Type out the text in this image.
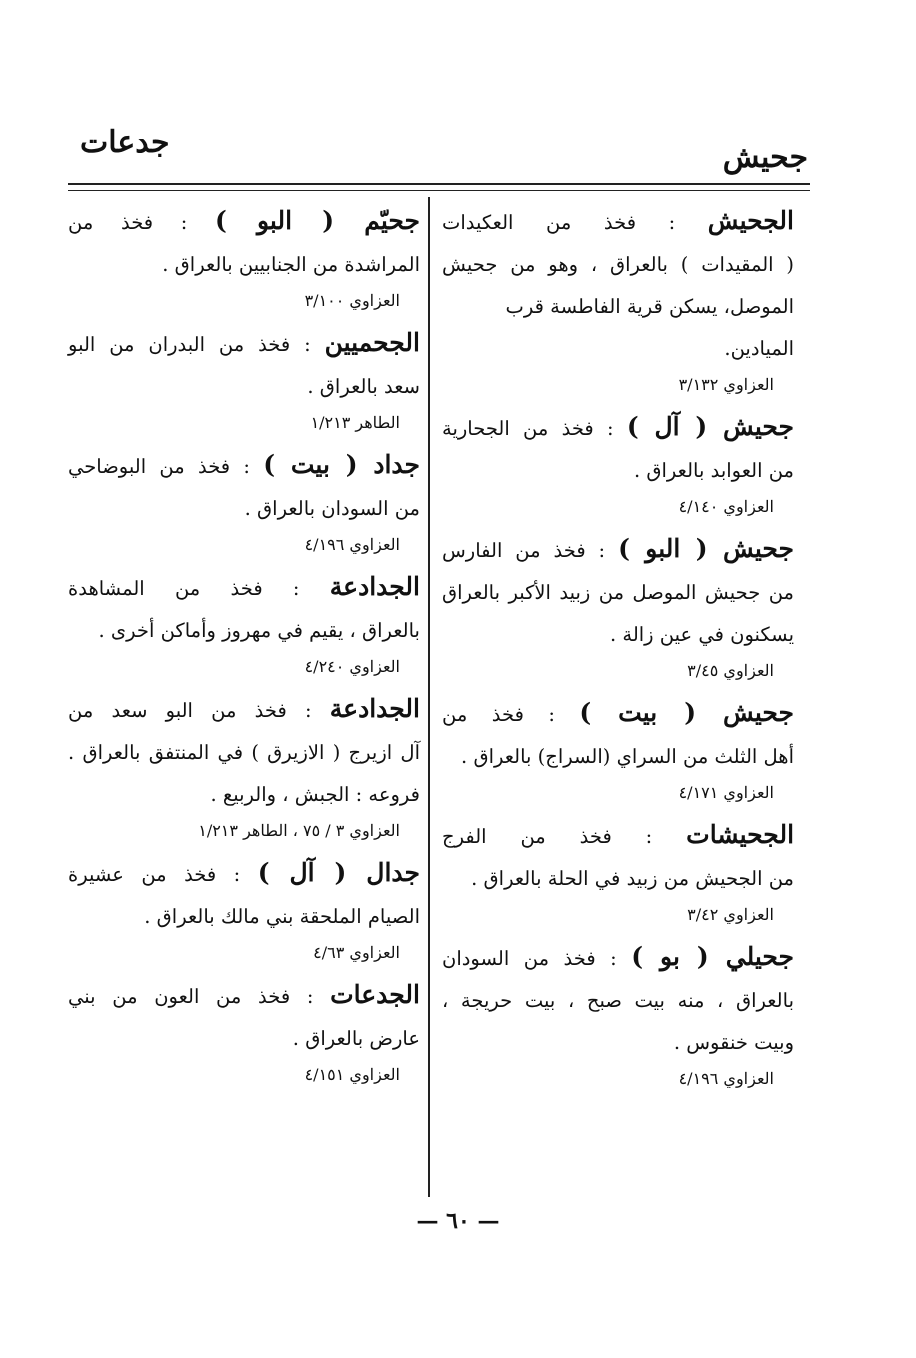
جدعات	جحيش

الجحيش : فخذ من العكيدات

( المقيدات ) بالعراق ، وهو من جحيش

الموصل، يسكن قرية الفاطسة قرب الميادين.

العزاوي ٣/١٣٢

جحيش ( آل ) : فخذ من الجحارية

من العوابد بالعراق .

العزاوي ٤/١٤٠

جحيش ( البو ) : فخذ من الفارس

من جحيش الموصل من زبيد الأكبر بالعراق

يسكنون في عين زالة .

العزاوي ٣/٤٥

جحيش ( بيت ) : فخذ من

أهل الثلث من السراي (السراج) بالعراق .

العزاوي ٤/١٧١

الجحيشات : فخذ من الفرج

من الجحيش من زبيد في الحلة بالعراق .

العزاوي ٣/٤٢

جحيلي ( بو ) : فخذ من السودان

بالعراق ، منه بيت صبح ، بيت حريجة ،

وبيت خنقوس .

العزاوي ٤/١٩٦

جحيّم ( البو ) : فخذ من

المراشدة من الجنابيين بالعراق .

العزاوي ٣/١٠٠

الجحميين : فخذ من البدران من البو

سعد بالعراق .

الطاهر ١/٢١٣

جداد ( بيت ) : فخذ من البوضاحي

من السودان بالعراق .

العزاوي ٤/١٩٦

الجدادعة : فخذ من المشاهدة

بالعراق ، يقيم في مهروز وأماكن أخرى .

العزاوي ٤/٢٤٠

الجدادعة : فخذ من البو سعد من

آل ازيرج ( الازيرق ) في المنتفق بالعراق .

فروعه : الجبش ، والربيع .

العزاوي ٣ / ٧٥ ، الطاهر ١/٢١٣

جدال ( آل ) : فخذ من عشيرة

الصيام الملحقة بني مالك بالعراق .

العزاوي ٤/٦٣

الجدعات : فخذ من العون من بني

عارض بالعراق .

العزاوي ٤/١٥١

— ٦٠ —
